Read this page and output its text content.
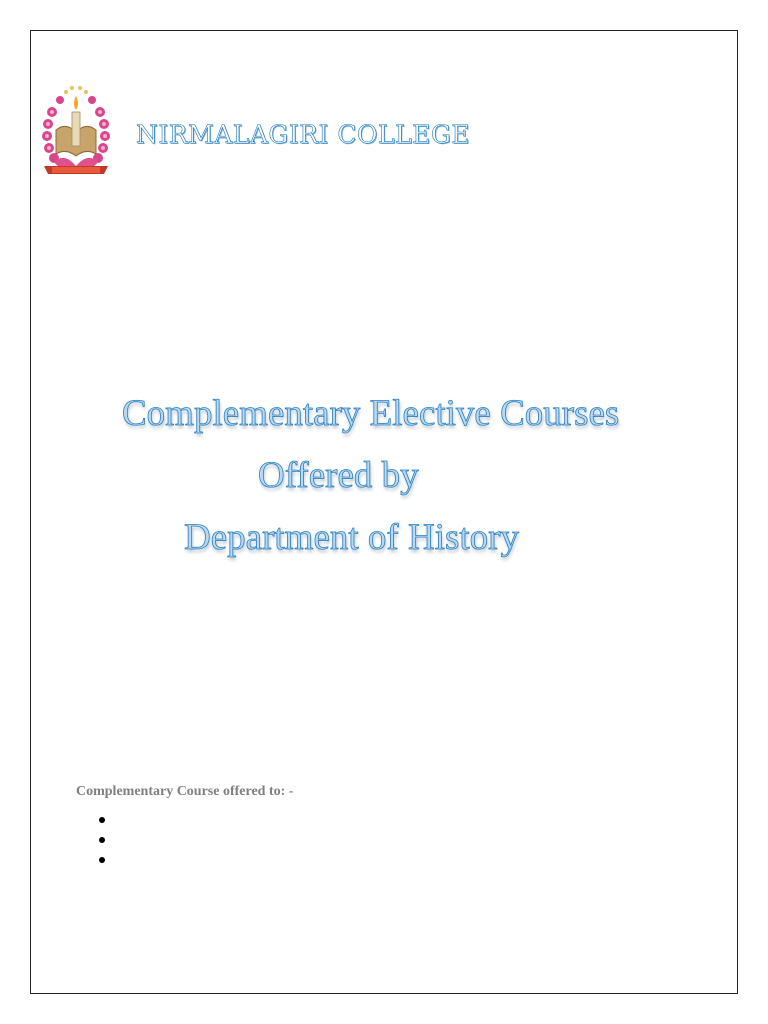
NIRMALAGIRI COLLEGE
Complementary Elective Courses
Offered by
Department of History
Complementary Course offered to: -
